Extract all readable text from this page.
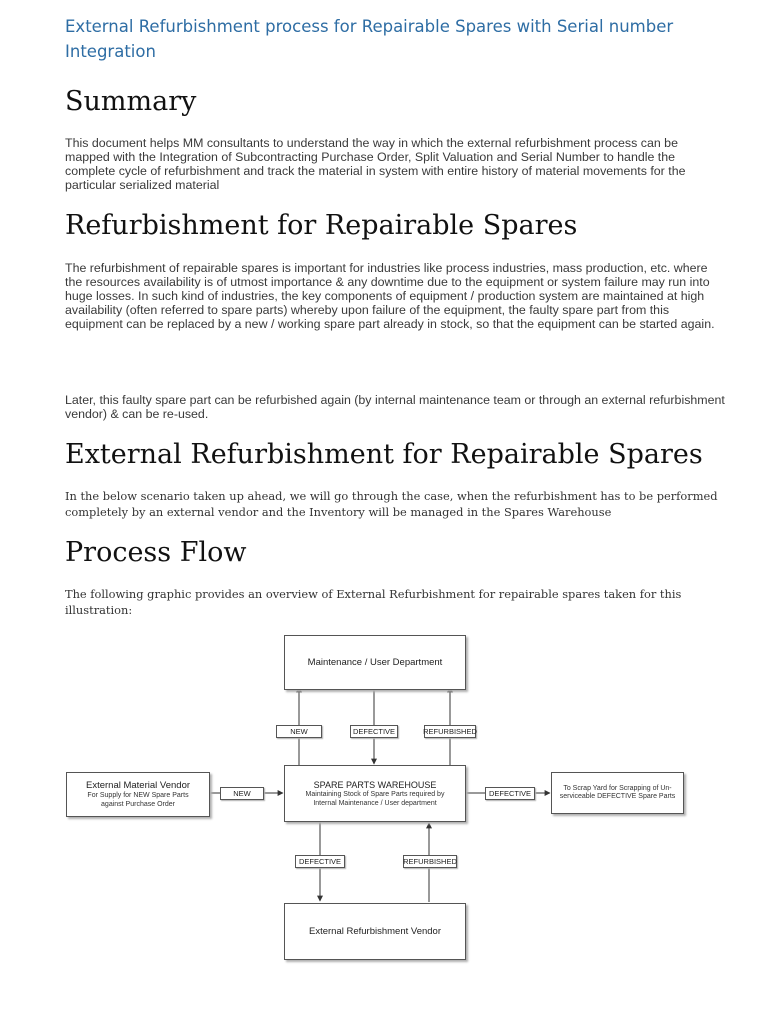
External Refurbishment process for Repairable Spares with Serial number Integration
Summary

This document helps MM consultants to understand the way in which the external refurbishment process can be mapped with the Integration of Subcontracting Purchase Order, Split Valuation and Serial Number to handle the complete cycle of refurbishment and track the material in system with entire history of material movements for the particular serialized material

Refurbishment for Repairable Spares

The refurbishment of repairable spares is important for industries like process industries, mass production, etc. where the resources availability is of utmost importance & any downtime due to the equipment or system failure may run into huge losses. In such kind of industries, the key components of equipment / production system are maintained at high availability (often referred to spare parts) whereby upon failure of the equipment, the faulty spare part from this equipment can be replaced by a new / working spare part already in stock, so that the equipment can be started again.

Later, this faulty spare part can be refurbished again (by internal maintenance team or through an external refurbishment vendor) & can be re-used.

External Refurbishment for Repairable Spares

In the below scenario taken up ahead, we will go through the case, when the refurbishment has to be performed completely by an external vendor and the Inventory will be managed in the Spares Warehouse

Process Flow

The following graphic provides an overview of External Refurbishment for repairable spares taken for this illustration:

Maintenance / User Department
NEW	DEFECTIVE	REFURBISHED
External Material Vendor
For Supply for NEW Spare Parts against Purchase Order
NEW
SPARE PARTS WAREHOUSE
Maintaining Stock of Spare Parts required by Internal Maintenance / User department
DEFECTIVE
To Scrap Yard for Scrapping of Un-serviceable DEFECTIVE Spare Parts
DEFECTIVE	REFURBISHED
External Refurbishment Vendor
